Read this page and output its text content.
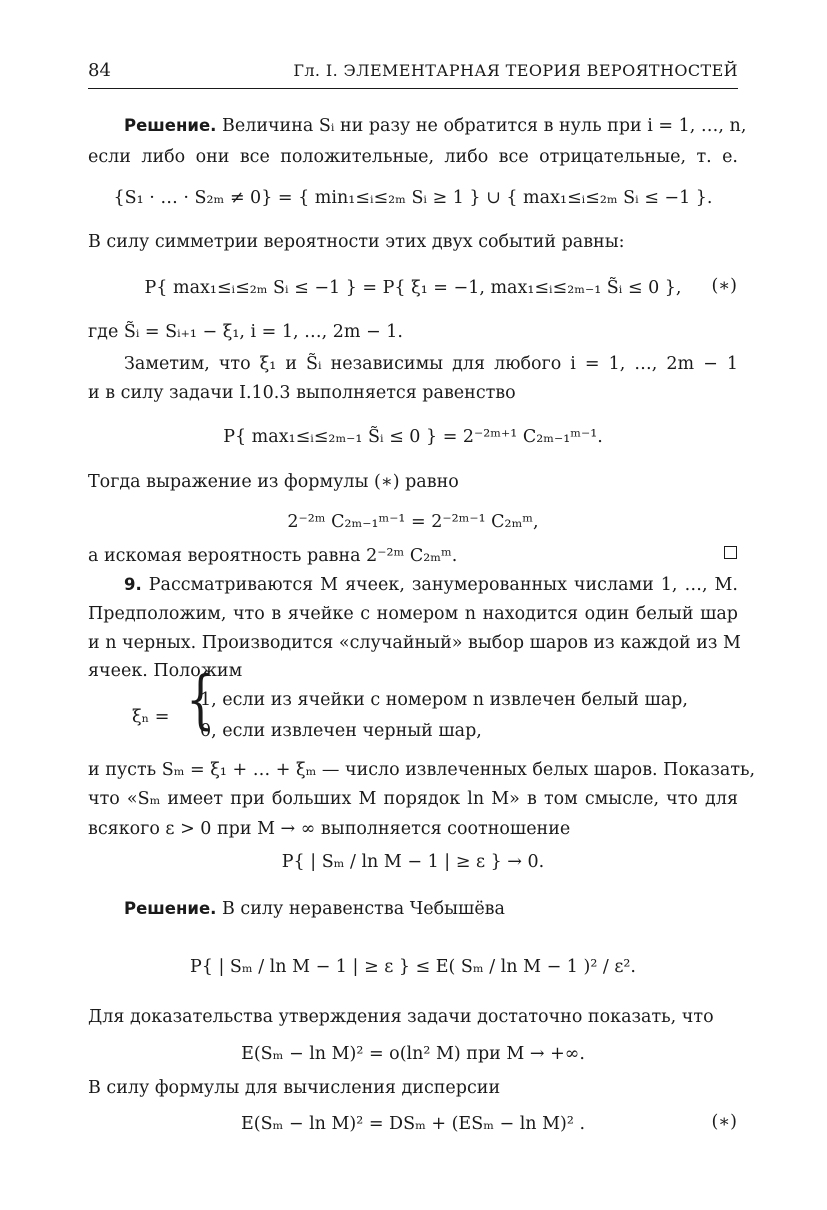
84	Гл. I. ЭЛЕМЕНТАРНАЯ ТЕОРИЯ ВЕРОЯТНОСТЕЙ
Решение. Величина Sᵢ ни разу не обратится в нуль при i = 1, …, n,
если либо они все положительные, либо все отрицательные, т. е.
{S₁ · … · S₂ₘ ≠ 0} = { min₁≤ᵢ≤₂ₘ Sᵢ ≥ 1 } ∪ { max₁≤ᵢ≤₂ₘ Sᵢ ≤ −1 }.
В силу симметрии вероятности этих двух событий равны:
P{ max₁≤ᵢ≤₂ₘ Sᵢ ≤ −1 } = P{ ξ₁ = −1, max₁≤ᵢ≤₂ₘ₋₁ S̃ᵢ ≤ 0 },	(∗)
где S̃ᵢ = Sᵢ₊₁ − ξ₁, i = 1, …, 2m − 1.
Заметим, что ξ₁ и S̃ᵢ независимы для любого i = 1, …, 2m − 1
и в силу задачи I.10.3 выполняется равенство
P{ max₁≤ᵢ≤₂ₘ₋₁ S̃ᵢ ≤ 0 } = 2⁻²ᵐ⁺¹ C₂ₘ₋₁ᵐ⁻¹.
Тогда выражение из формулы (∗) равно
2⁻²ᵐ C₂ₘ₋₁ᵐ⁻¹ = 2⁻²ᵐ⁻¹ C₂ₘᵐ,
а искомая вероятность равна 2⁻²ᵐ C₂ₘᵐ.
9. Рассматриваются M ячеек, занумерованных числами 1, …, M.
Предположим, что в ячейке с номером n находится один белый шар
и n черных. Производится «случайный» выбор шаров из каждой из M
ячеек. Положим
ξₙ = {
1, если из ячейки с номером n извлечен белый шар,
0, если извлечен черный шар,
и пусть Sₘ = ξ₁ + … + ξₘ — число извлеченных белых шаров. Показать,
что «Sₘ имеет при больших M порядок ln M» в том смысле, что для
всякого ε > 0 при M → ∞ выполняется соотношение
P{ | Sₘ / ln M − 1 | ≥ ε } → 0.
Решение. В силу неравенства Чебышёва
P{ | Sₘ / ln M − 1 | ≥ ε } ≤ E( Sₘ / ln M − 1 )² / ε².
Для доказательства утверждения задачи достаточно показать, что
E(Sₘ − ln M)² = o(ln² M) при M → +∞.
В силу формулы для вычисления дисперсии
E(Sₘ − ln M)² = DSₘ + (ESₘ − ln M)² .	(∗)
